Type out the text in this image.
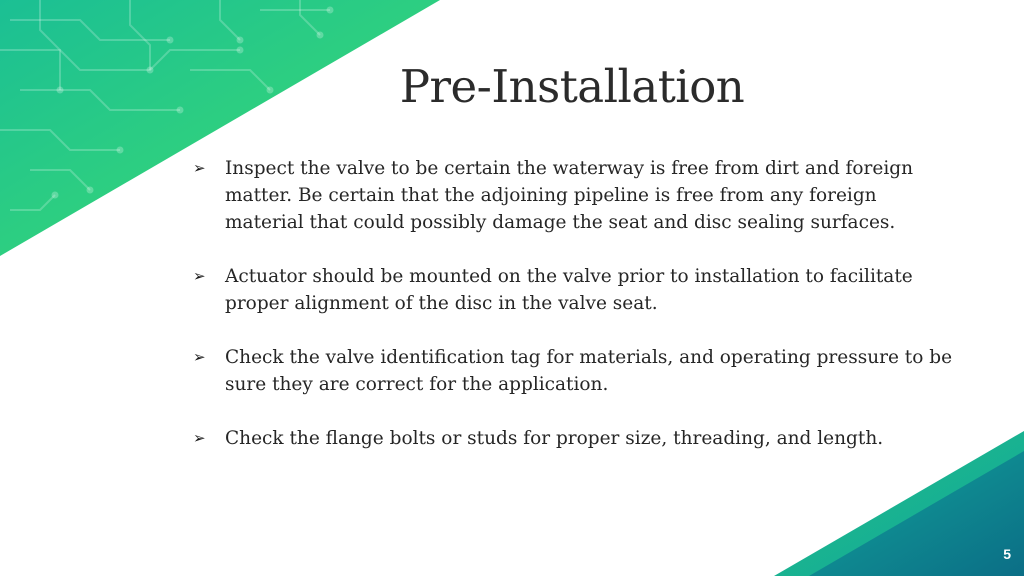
Pre-Installation
➢ Inspect the valve to be certain the waterway is free from dirt and foreign matter. Be certain that the adjoining pipeline is free from any foreign material that could possibly damage the seat and disc sealing surfaces.
➢ Actuator should be mounted on the valve prior to installation to facilitate proper alignment of the disc in the valve seat.
➢ Check the valve identification tag for materials, and operating pressure to be sure they are correct for the application.
➢ Check the flange bolts or studs for proper size, threading, and length.
5
